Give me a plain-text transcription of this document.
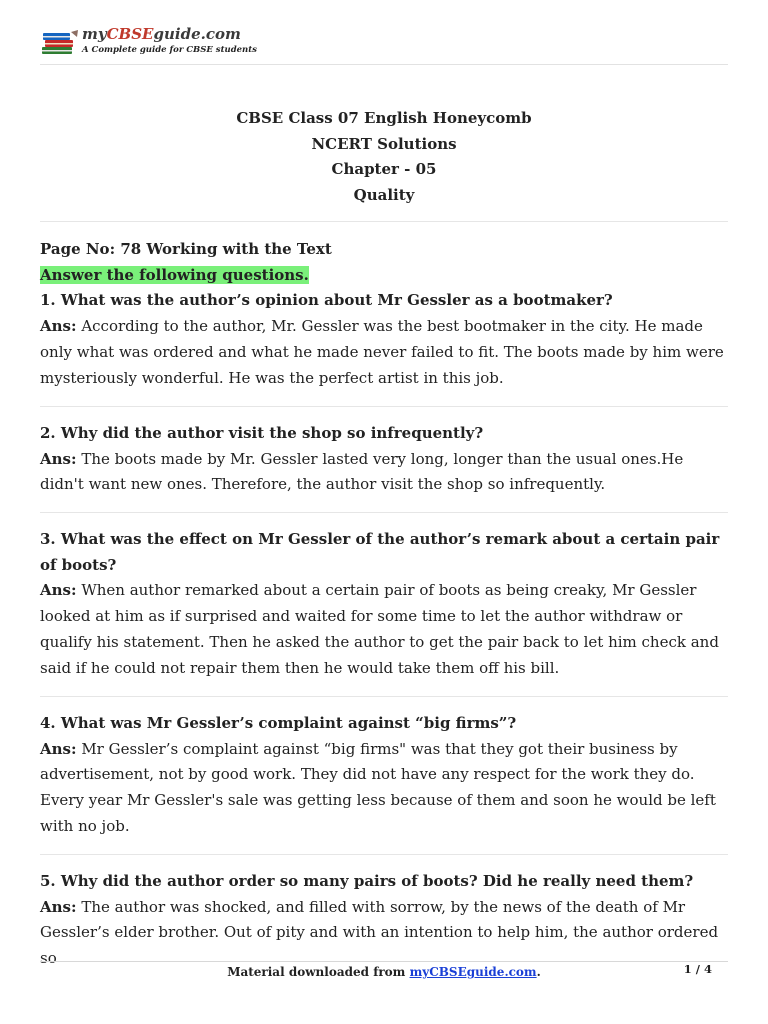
myCBSEguide.com
A Complete guide for CBSE students
CBSE Class 07 English Honeycomb
NCERT Solutions
Chapter - 05
Quality

Page No: 78 Working with the Text

Answer the following questions.

1. What was the author’s opinion about Mr Gessler as a bootmaker?

Ans: According to the author, Mr. Gessler was the best bootmaker in the city. He made only what was ordered and what he made never failed to fit. The boots made by him were mysteriously wonderful. He was the perfect artist in this job.

2. Why did the author visit the shop so infrequently?

Ans: The boots made by Mr. Gessler lasted very long, longer than the usual ones.He didn't want new ones. Therefore, the author visit the shop so infrequently.

3. What was the effect on Mr Gessler of the author’s remark about a certain pair of boots?

Ans: When author remarked about a certain pair of boots as being creaky, Mr Gessler looked at him as if surprised and waited for some time to let the author withdraw or qualify his statement. Then he asked the author to get the pair back to let him check and said if he could not repair them then he would take them off his bill.

4. What was Mr Gessler’s complaint against “big firms”?

Ans: Mr Gessler’s complaint against “big firms" was that they got their business by advertisement, not by good work. They did not have any respect for the work they do. Every year Mr Gessler's sale was getting less because of them and soon he would be left with no job.

5. Why did the author order so many pairs of boots? Did he really need them?

Ans: The author was shocked, and filled with sorrow, by the news of the death of Mr Gessler’s elder brother. Out of pity and with an intention to help him, the author ordered so

Material downloaded from myCBSEguide.com.	1 / 4
